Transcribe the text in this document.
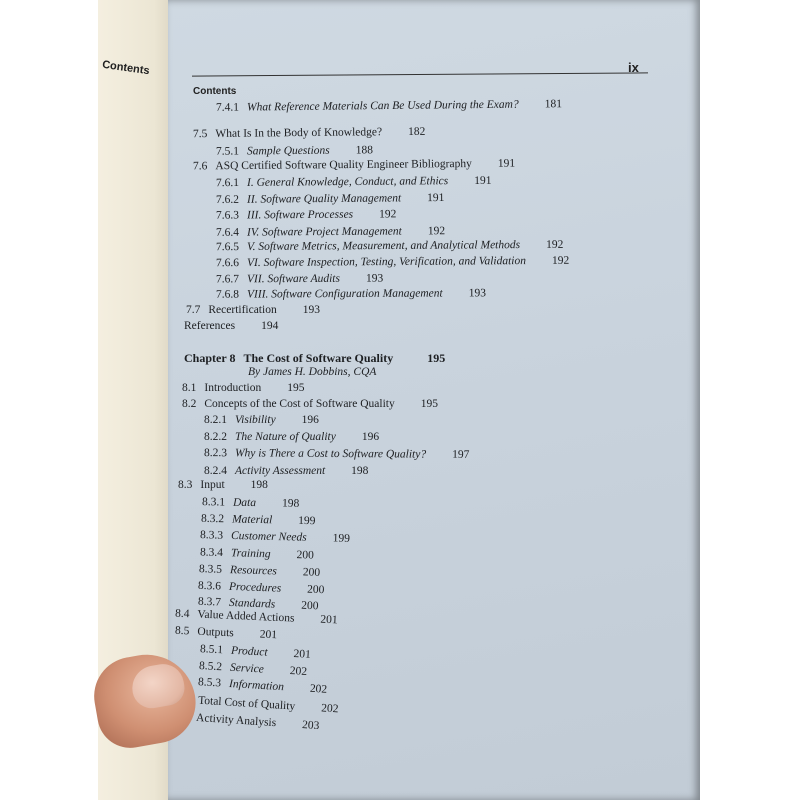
Contents
Contents
ix
7.4.1 What Reference Materials Can Be Used During the Exam? 181
7.5 What Is In the Body of Knowledge? 182
7.5.1 Sample Questions 188
7.6 ASQ Certified Software Quality Engineer Bibliography 191
7.6.1 I. General Knowledge, Conduct, and Ethics 191
7.6.2 II. Software Quality Management 191
7.6.3 III. Software Processes 192
7.6.4 IV. Software Project Management 192
7.6.5 V. Software Metrics, Measurement, and Analytical Methods 192
7.6.6 VI. Software Inspection, Testing, Verification, and Validation 192
7.6.7 VII. Software Audits 193
7.6.8 VIII. Software Configuration Management 193
7.7 Recertification 193
References 194
Chapter 8 The Cost of Software Quality	195
By James H. Dobbins, CQA
8.1 Introduction 195
8.2 Concepts of the Cost of Software Quality 195
8.2.1 Visibility 196
8.2.2 The Nature of Quality 196
8.2.3 Why is There a Cost to Software Quality? 197
8.2.4 Activity Assessment 198
8.3 Input 198
8.3.1 Data 198
8.3.2 Material 199
8.3.3 Customer Needs 199
8.3.4 Training 200
8.3.5 Resources 200
8.3.6 Procedures 200
8.3.7 Standards 200
8.4 Value Added Actions 201
8.5 Outputs 201
8.5.1 Product 201
8.5.2 Service 202
8.5.3 Information 202
Total Cost of Quality 202
Activity Analysis 203
